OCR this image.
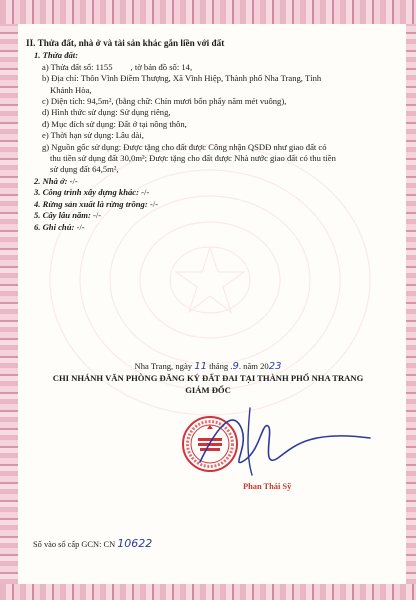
II. Thửa đất, nhà ở và tài sản khác gắn liền với đất
1. Thửa đất:
a) Thửa đất số: 1155 , tờ bản đồ số: 14,
b) Địa chỉ: Thôn Vĩnh Điềm Thượng, Xã Vĩnh Hiệp, Thành phố Nha Trang, Tỉnh
Khánh Hòa,
c) Diện tích: 94,5m², (bằng chữ: Chín mươi bốn phẩy năm mét vuông),
d) Hình thức sử dụng: Sử dụng riêng,
đ) Mục đích sử dụng: Đất ở tại nông thôn,
e) Thời hạn sử dụng: Lâu dài,
g) Nguồn gốc sử dụng: Được tặng cho đất được Công nhận QSDĐ như giao đất có
thu tiền sử dụng đất 30,0m²; Được tặng cho đất được Nhà nước giao đất có thu tiền
sử dụng đất 64,5m²,
2. Nhà ở: -/-
3. Công trình xây dựng khác: -/-
4. Rừng sản xuất là rừng trồng: -/-
5. Cây lâu năm: -/-
6. Ghi chú: -/-
Nha Trang, ngày 11 tháng .9. năm 2023
CHI NHÁNH VĂN PHÒNG ĐĂNG KÝ ĐẤT ĐAI TẠI THÀNH PHỐ NHA TRANG
GIÁM ĐỐC
Phan Thái Sỹ
Số vào sổ cấp GCN: CN 10622
